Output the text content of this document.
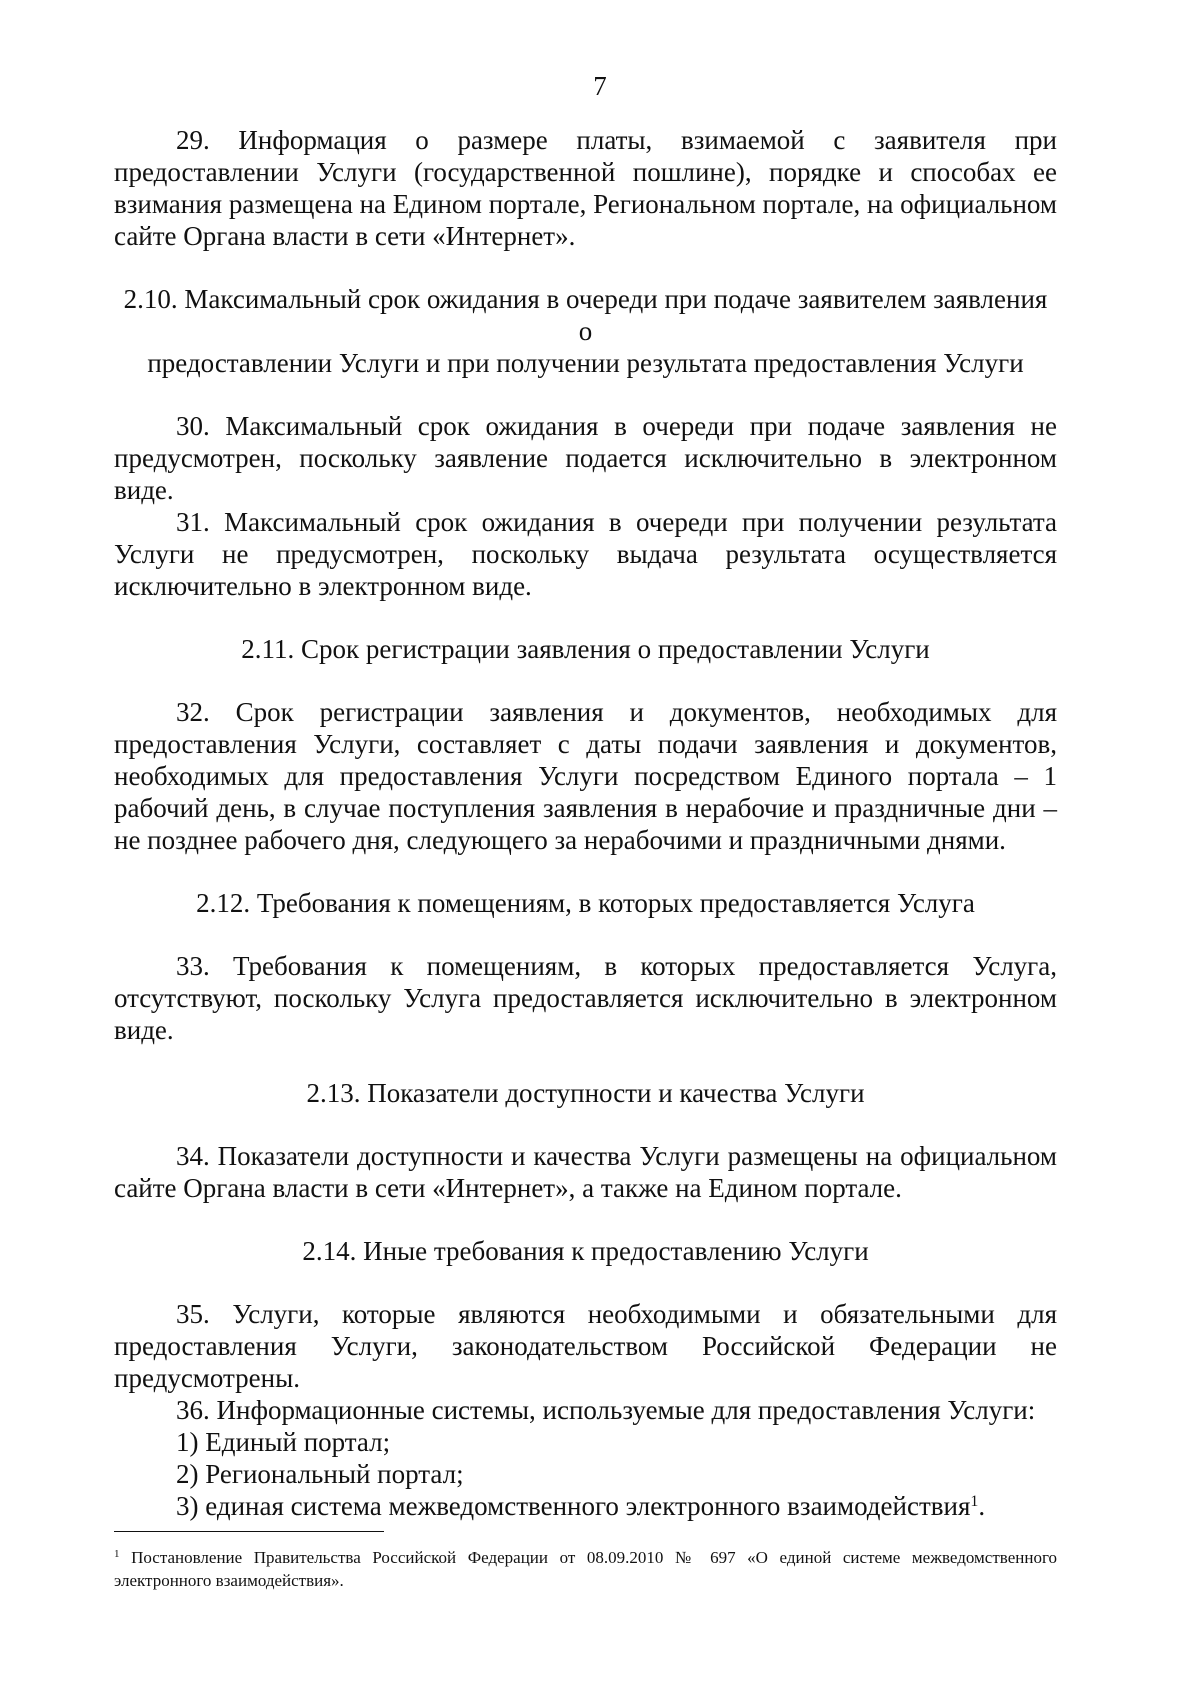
7

29. Информация о размере платы, взимаемой с заявителя при предоставлении Услуги (государственной пошлине), порядке и способах ее взимания размещена на Едином портале, Региональном портале, на официальном сайте Органа власти в сети «Интернет».

2.10. Максимальный срок ожидания в очереди при подаче заявителем заявления о

предоставлении Услуги и при получении результата предоставления Услуги

30. Максимальный срок ожидания в очереди при подаче заявления не предусмотрен, поскольку заявление подается исключительно в электронном виде.

31. Максимальный срок ожидания в очереди при получении результата Услуги не предусмотрен, поскольку выдача результата осуществляется исключительно в электронном виде.

2.11. Срок регистрации заявления о предоставлении Услуги

32. Срок регистрации заявления и документов, необходимых для предоставления Услуги, составляет с даты подачи заявления и документов, необходимых для предоставления Услуги посредством Единого портала – 1 рабочий день, в случае поступления заявления в нерабочие и праздничные дни – не позднее рабочего дня, следующего за нерабочими и праздничными днями.

2.12. Требования к помещениям, в которых предоставляется Услуга

33. Требования к помещениям, в которых предоставляется Услуга, отсутствуют, поскольку Услуга предоставляется исключительно в электронном виде.

2.13. Показатели доступности и качества Услуги

34. Показатели доступности и качества Услуги размещены на официальном сайте Органа власти в сети «Интернет», а также на Едином портале.

2.14. Иные требования к предоставлению Услуги

35. Услуги, которые являются необходимыми и обязательными для предоставления Услуги, законодательством Российской Федерации не предусмотрены.

36. Информационные системы, используемые для предоставления Услуги:

1) Единый портал;

2) Региональный портал;

3) единая система межведомственного электронного взаимодействия$^1$.

$^1$ Постановление Правительства Российской Федерации от 08.09.2010 № 697 «О единой системе межведомственного электронного взаимодействия».
